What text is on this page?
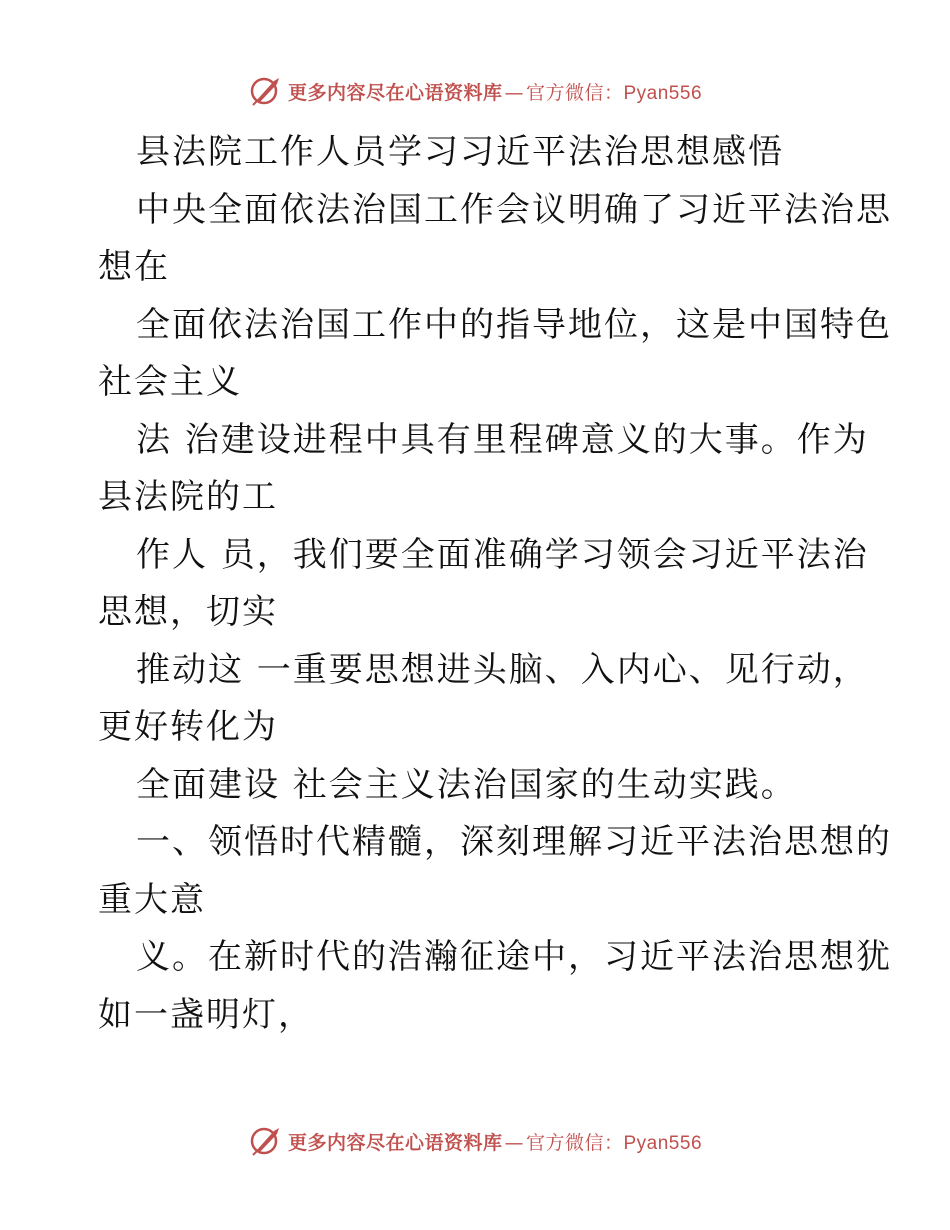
更多内容尽在心语资料库 — 官方微信：Pyan556
县法院工作人员学习习近平法治思想感悟
中央全面依法治国工作会议明确了习近平法治思
想在
全面依法治国工作中的指导地位，这是中国特色
社会主义
法 治建设进程中具有里程碑意义的大事。作为
县法院的工
作人 员，我们要全面准确学习领会习近平法治
思想，切实
推动这 一重要思想进头脑、入内心、见行动，
更好转化为
全面建设 社会主义法治国家的生动实践。
一、领悟时代精髓，深刻理解习近平法治思想的
重大意
义。在新时代的浩瀚征途中，习近平法治思想犹
如一盏明灯，
更多内容尽在心语资料库 — 官方微信：Pyan556
